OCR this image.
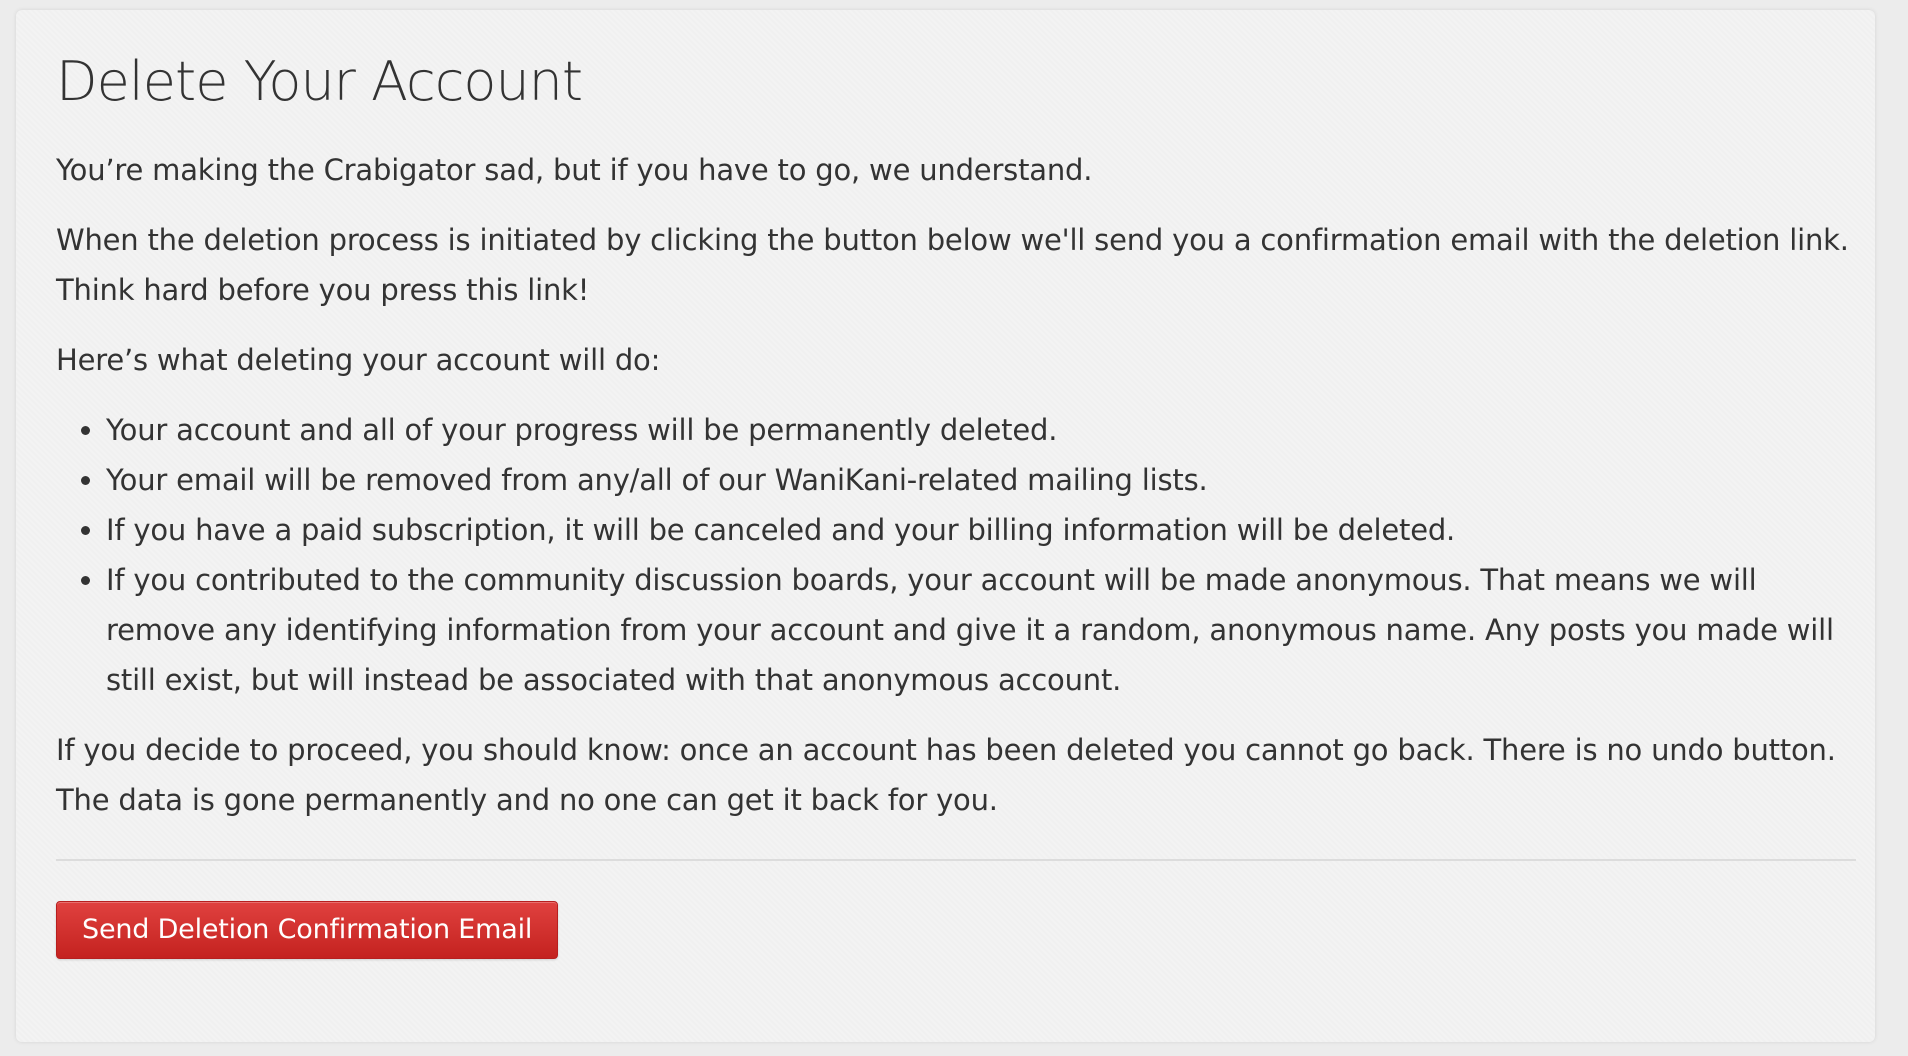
Delete Your Account

You’re making the Crabigator sad, but if you have to go, we understand.

When the deletion process is initiated by clicking the button below we'll send you a confirmation email with the deletion link. Think hard before you press this link!

Here’s what deleting your account will do:

• Your account and all of your progress will be permanently deleted.
• Your email will be removed from any/all of our WaniKani-related mailing lists.
• If you have a paid subscription, it will be canceled and your billing information will be deleted.
• If you contributed to the community discussion boards, your account will be made anonymous. That means we will remove any identifying information from your account and give it a random, anonymous name. Any posts you made will still exist, but will instead be associated with that anonymous account.

If you decide to proceed, you should know: once an account has been deleted you cannot go back. There is no undo button. The data is gone permanently and no one can get it back for you.

Send Deletion Confirmation Email
